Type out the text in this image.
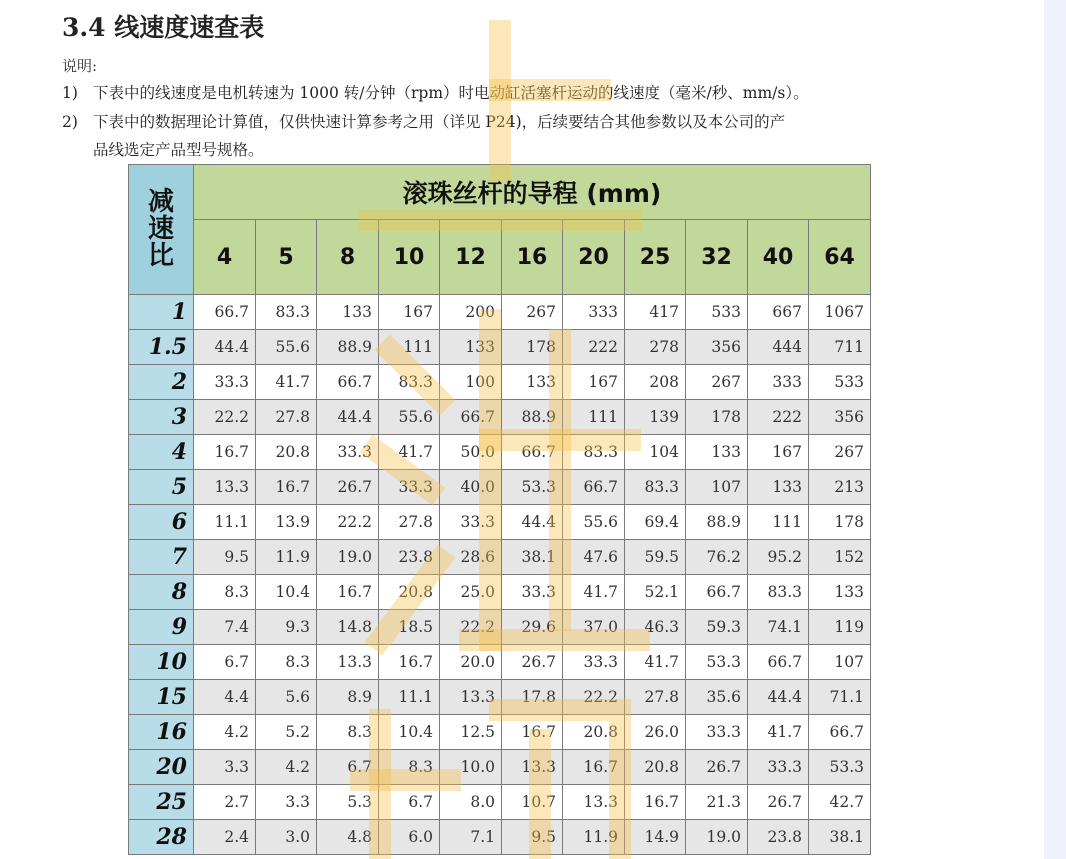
3.4 线速度速查表
说明:
1) 下表中的线速度是电机转速为 1000 转/分钟（rpm）时电动缸活塞杆运动的线速度（毫米/秒、mm/s）。
2) 下表中的数据理论计算值，仅供快速计算参考之用（详见 P24)，后续要结合其他参数以及本公司的产
品线选定产品型号规格。
减速比	滚珠丝杆的导程 (mm)										
	4	5	8	10	12	16	20	25	32	40	64
1	66.7	83.3	133	167	200	267	333	417	533	667	1067
1.5	44.4	55.6	88.9	111	133	178	222	278	356	444	711
2	33.3	41.7	66.7	83.3	100	133	167	208	267	333	533
3	22.2	27.8	44.4	55.6	66.7	88.9	111	139	178	222	356
4	16.7	20.8	33.3	41.7	50.0	66.7	83.3	104	133	167	267
5	13.3	16.7	26.7	33.3	40.0	53.3	66.7	83.3	107	133	213
6	11.1	13.9	22.2	27.8	33.3	44.4	55.6	69.4	88.9	111	178
7	9.5	11.9	19.0	23.8	28.6	38.1	47.6	59.5	76.2	95.2	152
8	8.3	10.4	16.7	20.8	25.0	33.3	41.7	52.1	66.7	83.3	133
9	7.4	9.3	14.8	18.5	22.2	29.6	37.0	46.3	59.3	74.1	119
10	6.7	8.3	13.3	16.7	20.0	26.7	33.3	41.7	53.3	66.7	107
15	4.4	5.6	8.9	11.1	13.3	17.8	22.2	27.8	35.6	44.4	71.1
16	4.2	5.2	8.3	10.4	12.5	16.7	20.8	26.0	33.3	41.7	66.7
20	3.3	4.2	6.7	8.3	10.0	13.3	16.7	20.8	26.7	33.3	53.3
25	2.7	3.3	5.3	6.7	8.0	10.7	13.3	16.7	21.3	26.7	42.7
28	2.4	3.0	4.8	6.0	7.1	9.5	11.9	14.9	19.0	23.8	38.1
